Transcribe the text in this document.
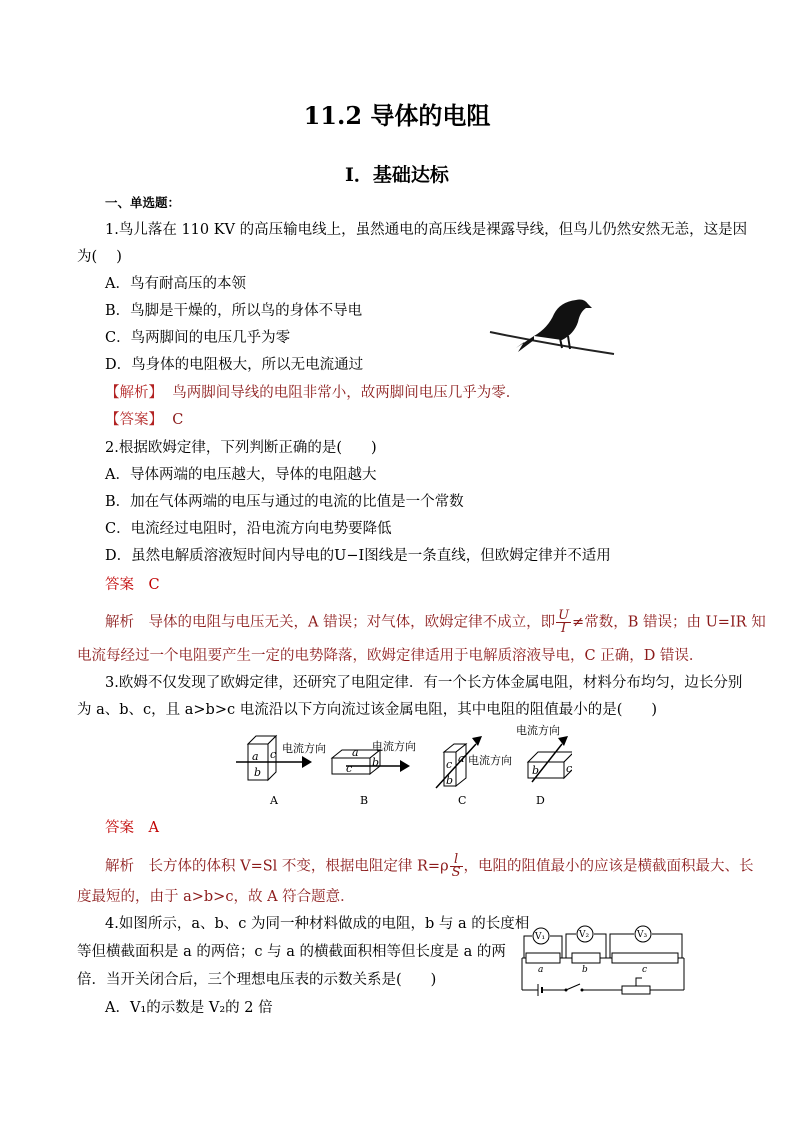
11.2 导体的电阻
Ⅰ．基础达标
一、单选题：
1.鸟儿落在 110 KV 的高压输电线上，虽然通电的高压线是裸露导线，但鸟儿仍然安然无恙，这是因
为(　 )
A．鸟有耐高压的本领
B．鸟脚是干燥的，所以鸟的身体不导电
C．鸟两脚间的电压几乎为零
D．鸟身体的电阻极大，所以无电流通过
【解析】 鸟两脚间导线的电阻非常小，故两脚间电压几乎为零．
【答案】 C
2.根据欧姆定律，下列判断正确的是(　　)
A．导体两端的电压越大，导体的电阻越大
B．加在气体两端的电压与通过的电流的比值是一个常数
C．电流经过电阻时，沿电流方向电势要降低
D．虽然电解质溶液短时间内导电的U−I图线是一条直线，但欧姆定律并不适用
答案　C
解析　导体的电阻与电压无关，A 错误；对气体，欧姆定律不成立，即 $\frac{U}{I}$ ≠常数，B 错误；由 U=IR 知
电流每经过一个电阻要产生一定的电势降落，欧姆定律适用于电解质溶液导电，C 正确，D 错误．
3.欧姆不仅发现了欧姆定律，还研究了电阻定律．有一个长方体金属电阻，材料分布均匀，边长分别
为 a、b、c，且 a>b>c 电流沿以下方向流过该金属电阻，其中电阻的阻值最小的是(　　)
a c
b
电流方向
A
a
c b
电流方向
B
c a
b
电流方向
C
b c
电流方向
D
答案　A
解析　长方体的体积 V=Sl 不变，根据电阻定律 $R=\rho \frac{l}{S}$ ，电阻的阻值最小的应该是横截面积最大、长
度最短的，由于 a>b>c，故 A 符合题意．
4.如图所示，a、b、c 为同一种材料做成的电阻，b 与 a 的长度相
等但横截面积是 a 的两倍；c 与 a 的横截面积相等但长度是 a 的两
倍．当开关闭合后，三个理想电压表的示数关系是(　　)
A．V₁的示数是 V₂的 2 倍
a	b	c
V₁	V₂	V₃
